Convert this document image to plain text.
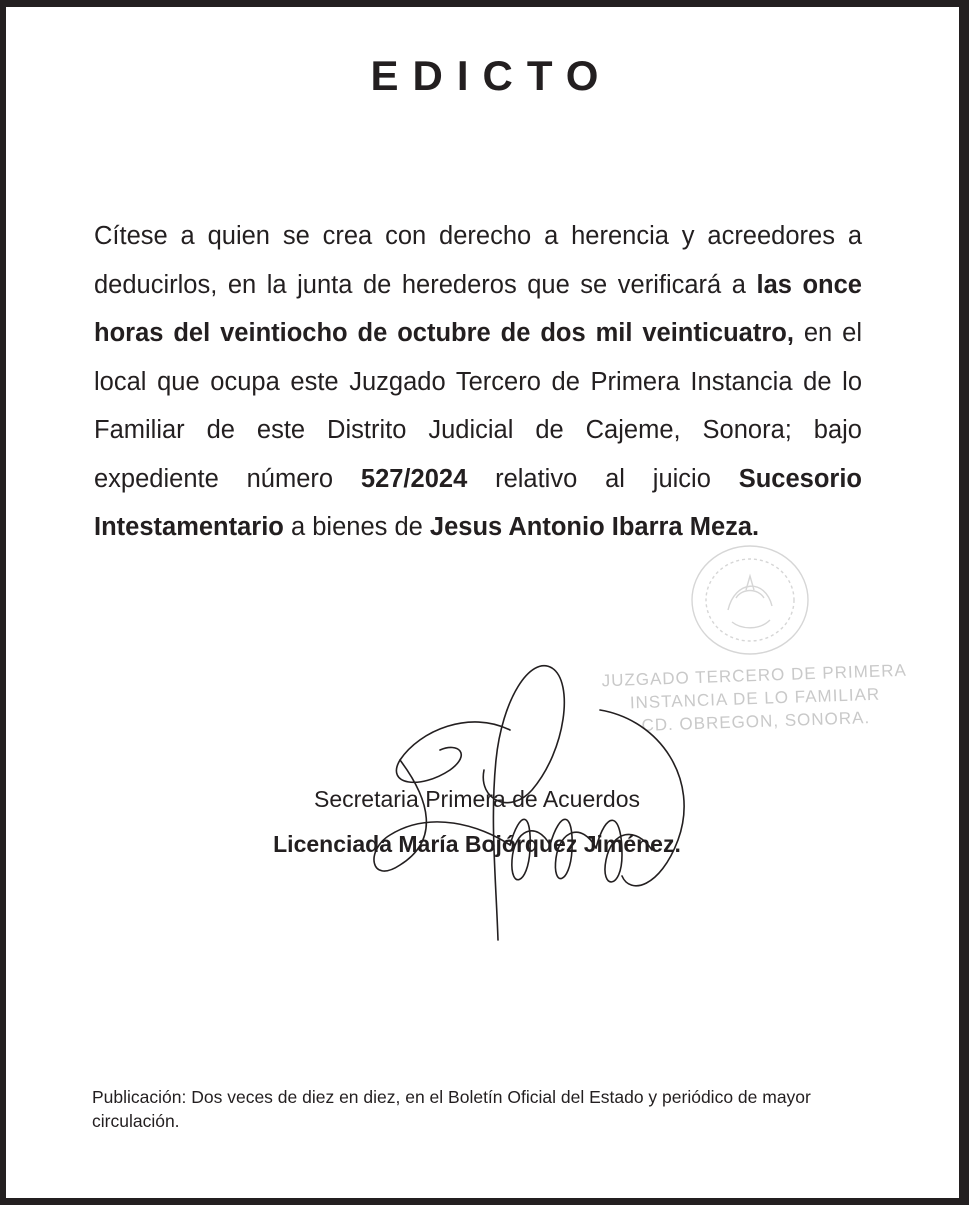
EDICTO

Cítese a quien se crea con derecho a herencia y acreedores a deducirlos, en la junta de herederos que se verificará a las once horas del veintiocho de octubre de dos mil veinticuatro, en el local que ocupa este Juzgado Tercero de Primera Instancia de lo Familiar de este Distrito Judicial de Cajeme, Sonora; bajo expediente número 527/2024 relativo al juicio Sucesorio Intestamentario a bienes de Jesus Antonio Ibarra Meza.

JUZGADO TERCERO DE PRIMERA
INSTANCIA DE LO FAMILIAR
CD. OBREGON, SONORA.
Secretaria Primera de Acuerdos
Licenciada María Bojórquez Jiménez.

Publicación: Dos veces de diez en diez, en el Boletín Oficial del Estado y periódico de mayor circulación.
